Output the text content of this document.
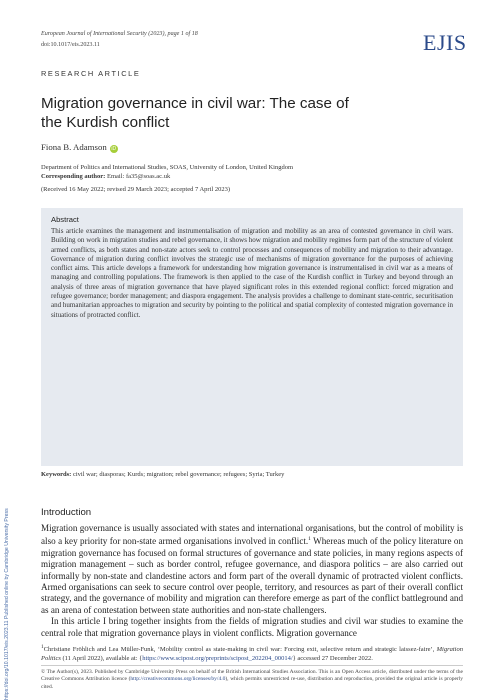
https://doi.org/10.1017/eis.2023.11 Published online by Cambridge University Press
European Journal of International Security (2023), page 1 of 18
doi:10.1017/eis.2023.11	EJIS
RESEARCH ARTICLE
Migration governance in civil war: The case of the Kurdish conflict
Fiona B. Adamson iD
Department of Politics and International Studies, SOAS, University of London, United Kingdom
Corresponding author: Email: fa35@soas.ac.uk
(Received 16 May 2022; revised 29 March 2023; accepted 7 April 2023)
Abstract

This article examines the management and instrumentalisation of migration and mobility as an area of contested governance in civil wars. Building on work in migration studies and rebel governance, it shows how migration and mobility regimes form part of the structure of violent armed conflicts, as both states and non-state actors seek to control processes and consequences of mobility and migration to their advantage. Governance of migration during conflict involves the strategic use of mechanisms of migration governance for the purposes of achieving conflict aims. This article develops a framework for understanding how migration governance is instrumentalised in civil war as a means of managing and controlling populations. The framework is then applied to the case of the Kurdish conflict in Turkey and beyond through an analysis of three areas of migration governance that have played significant roles in this extended regional conflict: forced migration and refugee governance; border management; and diaspora engagement. The analysis provides a challenge to dominant state-centric, securitisation and humanitarian approaches to migration and security by pointing to the political and spatial complexity of contested migration governance in situations of protracted conflict.

Keywords: civil war; diasporas; Kurds; migration; rebel governance; refugees; Syria; Turkey
Introduction

Migration governance is usually associated with states and international organisations, but the control of mobility is also a key priority for non-state armed organisations involved in conflict.$^1$ Whereas much of the policy literature on migration governance has focused on formal structures of governance and state policies, in many regions aspects of migration management – such as border control, refugee governance, and diaspora politics – are also carried out informally by non-state and clandestine actors and form part of the overall dynamic of protracted violent conflicts. Armed organisations can seek to secure control over people, territory, and resources as part of their overall conflict strategy, and the governance of mobility and migration can therefore emerge as part of the conflict battleground and as an arena of contestation between state authorities and non-state challengers.

In this article I bring together insights from the fields of migration studies and civil war studies to examine the central role that migration governance plays in violent conflicts. Migration governance

$^1$Christiane Fröhlich and Lea Müller-Funk, ‘Mobility control as state-making in civil war: Forcing exit, selective return and strategic laissez-faire’, Migration Politics (11 April 2022), available at: {https://www.scipost.org/preprints/scipost_202204_00014/} accessed 27 December 2022.
© The Author(s), 2023. Published by Cambridge University Press on behalf of the British International Studies Association. This is an Open Access article, distributed under the terms of the Creative Commons Attribution licence (http://creativecommons.org/licenses/by/4.0), which permits unrestricted re-use, distribution and reproduction, provided the original article is properly cited.
